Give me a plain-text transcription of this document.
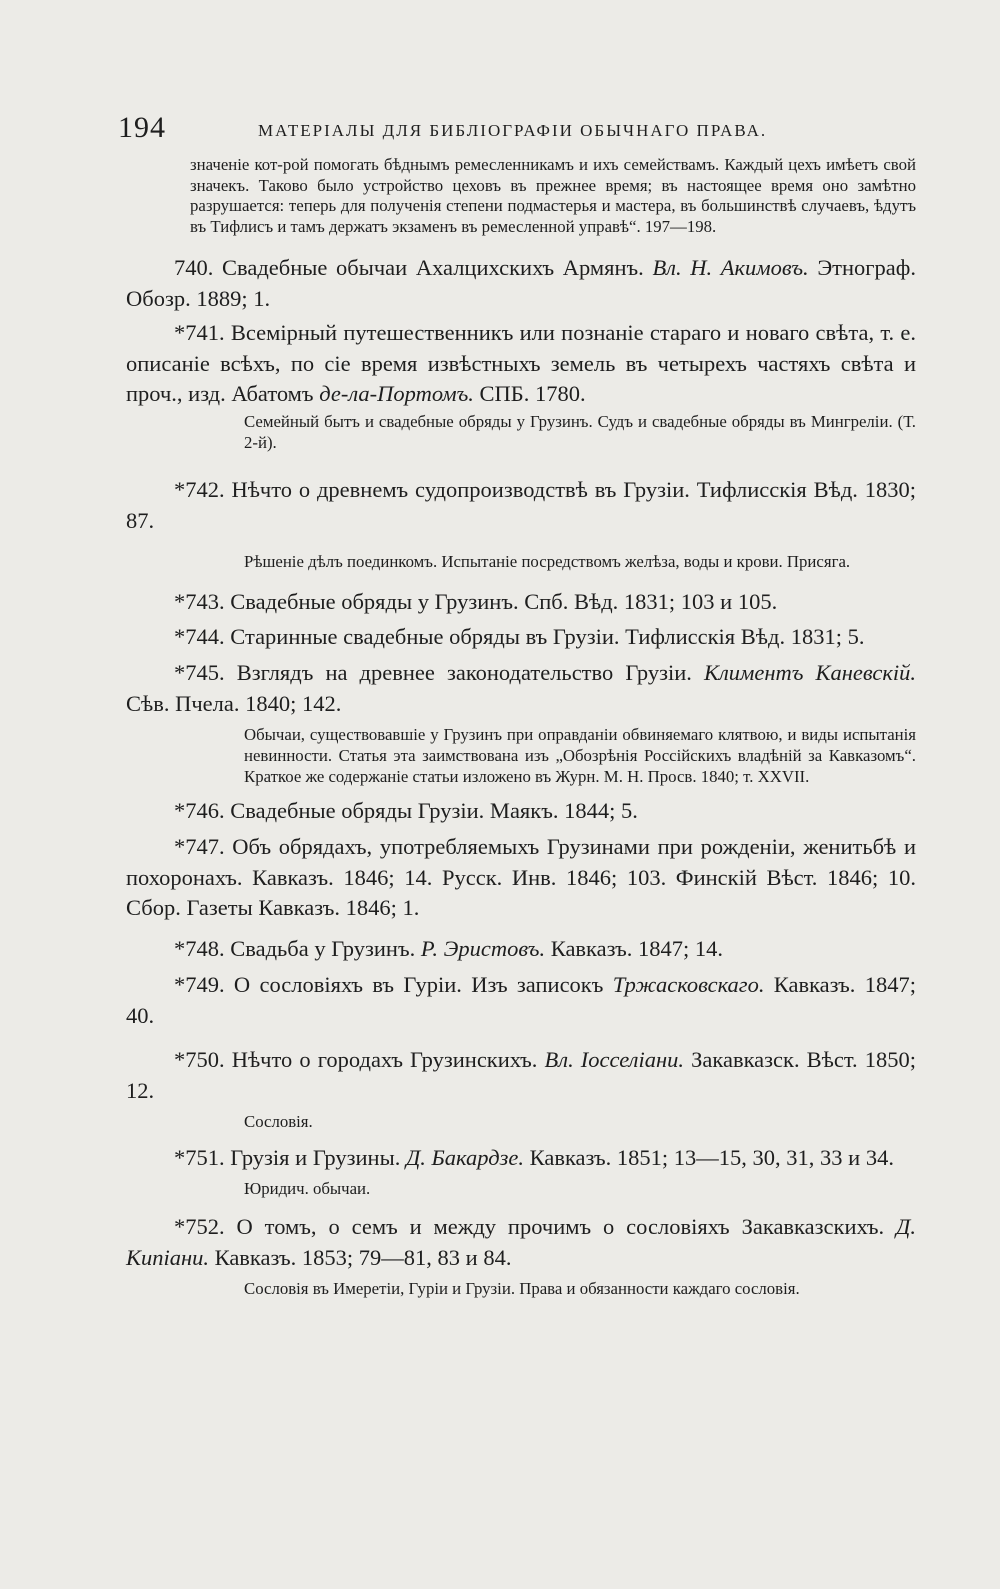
194	МАТЕРІАЛЫ ДЛЯ БИБЛІОГРАФІИ ОБЫЧНАГО ПРАВА.

значеніе кот-рой помогать бѣднымъ ремесленникамъ и ихъ семействамъ. Каждый цехъ имѣетъ свой значекъ. Таково было устройство цеховъ въ прежнее время; въ настоящее время оно замѣтно разрушается: теперь для полученія степени подмастерья и мастера, въ большинствѣ случаевъ, ѣдутъ въ Тифлисъ и тамъ держатъ экзаменъ въ ремесленной управѣ“. 197—198.

740. Свадебные обычаи Ахалцихскихъ Армянъ. Вл. Н. Акимовъ. Этнограф. Обозр. 1889; 1.

*741. Всемірный путешественникъ или познаніе стараго и новаго свѣта, т. е. описаніе всѣхъ, по сіе время извѣстныхъ земель въ четырехъ частяхъ свѣта и проч., изд. Абатомъ де-ла-Портомъ. СПБ. 1780.

Семейный бытъ и свадебные обряды у Грузинъ. Судъ и свадебные обряды въ Мингреліи. (Т. 2-й).

*742. Нѣчто о древнемъ судопроизводствѣ въ Грузіи. Тифлисскія Вѣд. 1830; 87.

Рѣшеніе дѣлъ поединкомъ. Испытаніе посредствомъ желѣза, воды и крови. Присяга.

*743. Свадебные обряды у Грузинъ. Спб. Вѣд. 1831; 103 и 105.

*744. Старинные свадебные обряды въ Грузіи. Тифлисскія Вѣд. 1831; 5.

*745. Взглядъ на древнее законодательство Грузіи. Климентъ Каневскій. Сѣв. Пчела. 1840; 142.

Обычаи, существовавшіе у Грузинъ при оправданіи обвиняемаго клятвою, и виды испытанія невинности. Статья эта заимствована изъ „Обозрѣнія Россійскихъ владѣній за Кавказомъ“. Краткое же содержаніе статьи изложено въ Журн. М. Н. Просв. 1840; т. XXVII.

*746. Свадебные обряды Грузіи. Маякъ. 1844; 5.

*747. Объ обрядахъ, употребляемыхъ Грузинами при рожденіи, женитьбѣ и похоронахъ. Кавказъ. 1846; 14. Русск. Инв. 1846; 103. Финскій Вѣст. 1846; 10. Сбор. Газеты Кавказъ. 1846; 1.

*748. Свадьба у Грузинъ. Р. Эристовъ. Кавказъ. 1847; 14.

*749. О сословіяхъ въ Гуріи. Изъ записокъ Тржасковскаго. Кавказъ. 1847; 40.

*750. Нѣчто о городахъ Грузинскихъ. Вл. Іосселіани. Закавказск. Вѣст. 1850; 12.

Сословія.

*751. Грузія и Грузины. Д. Бакардзе. Кавказъ. 1851; 13—15, 30, 31, 33 и 34.

Юридич. обычаи.

*752. О томъ, о семъ и между прочимъ о сословіяхъ Закавказскихъ. Д. Кипіани. Кавказъ. 1853; 79—81, 83 и 84.

Сословія въ Имеретіи, Гуріи и Грузіи. Права и обязанности каждаго сословія.
